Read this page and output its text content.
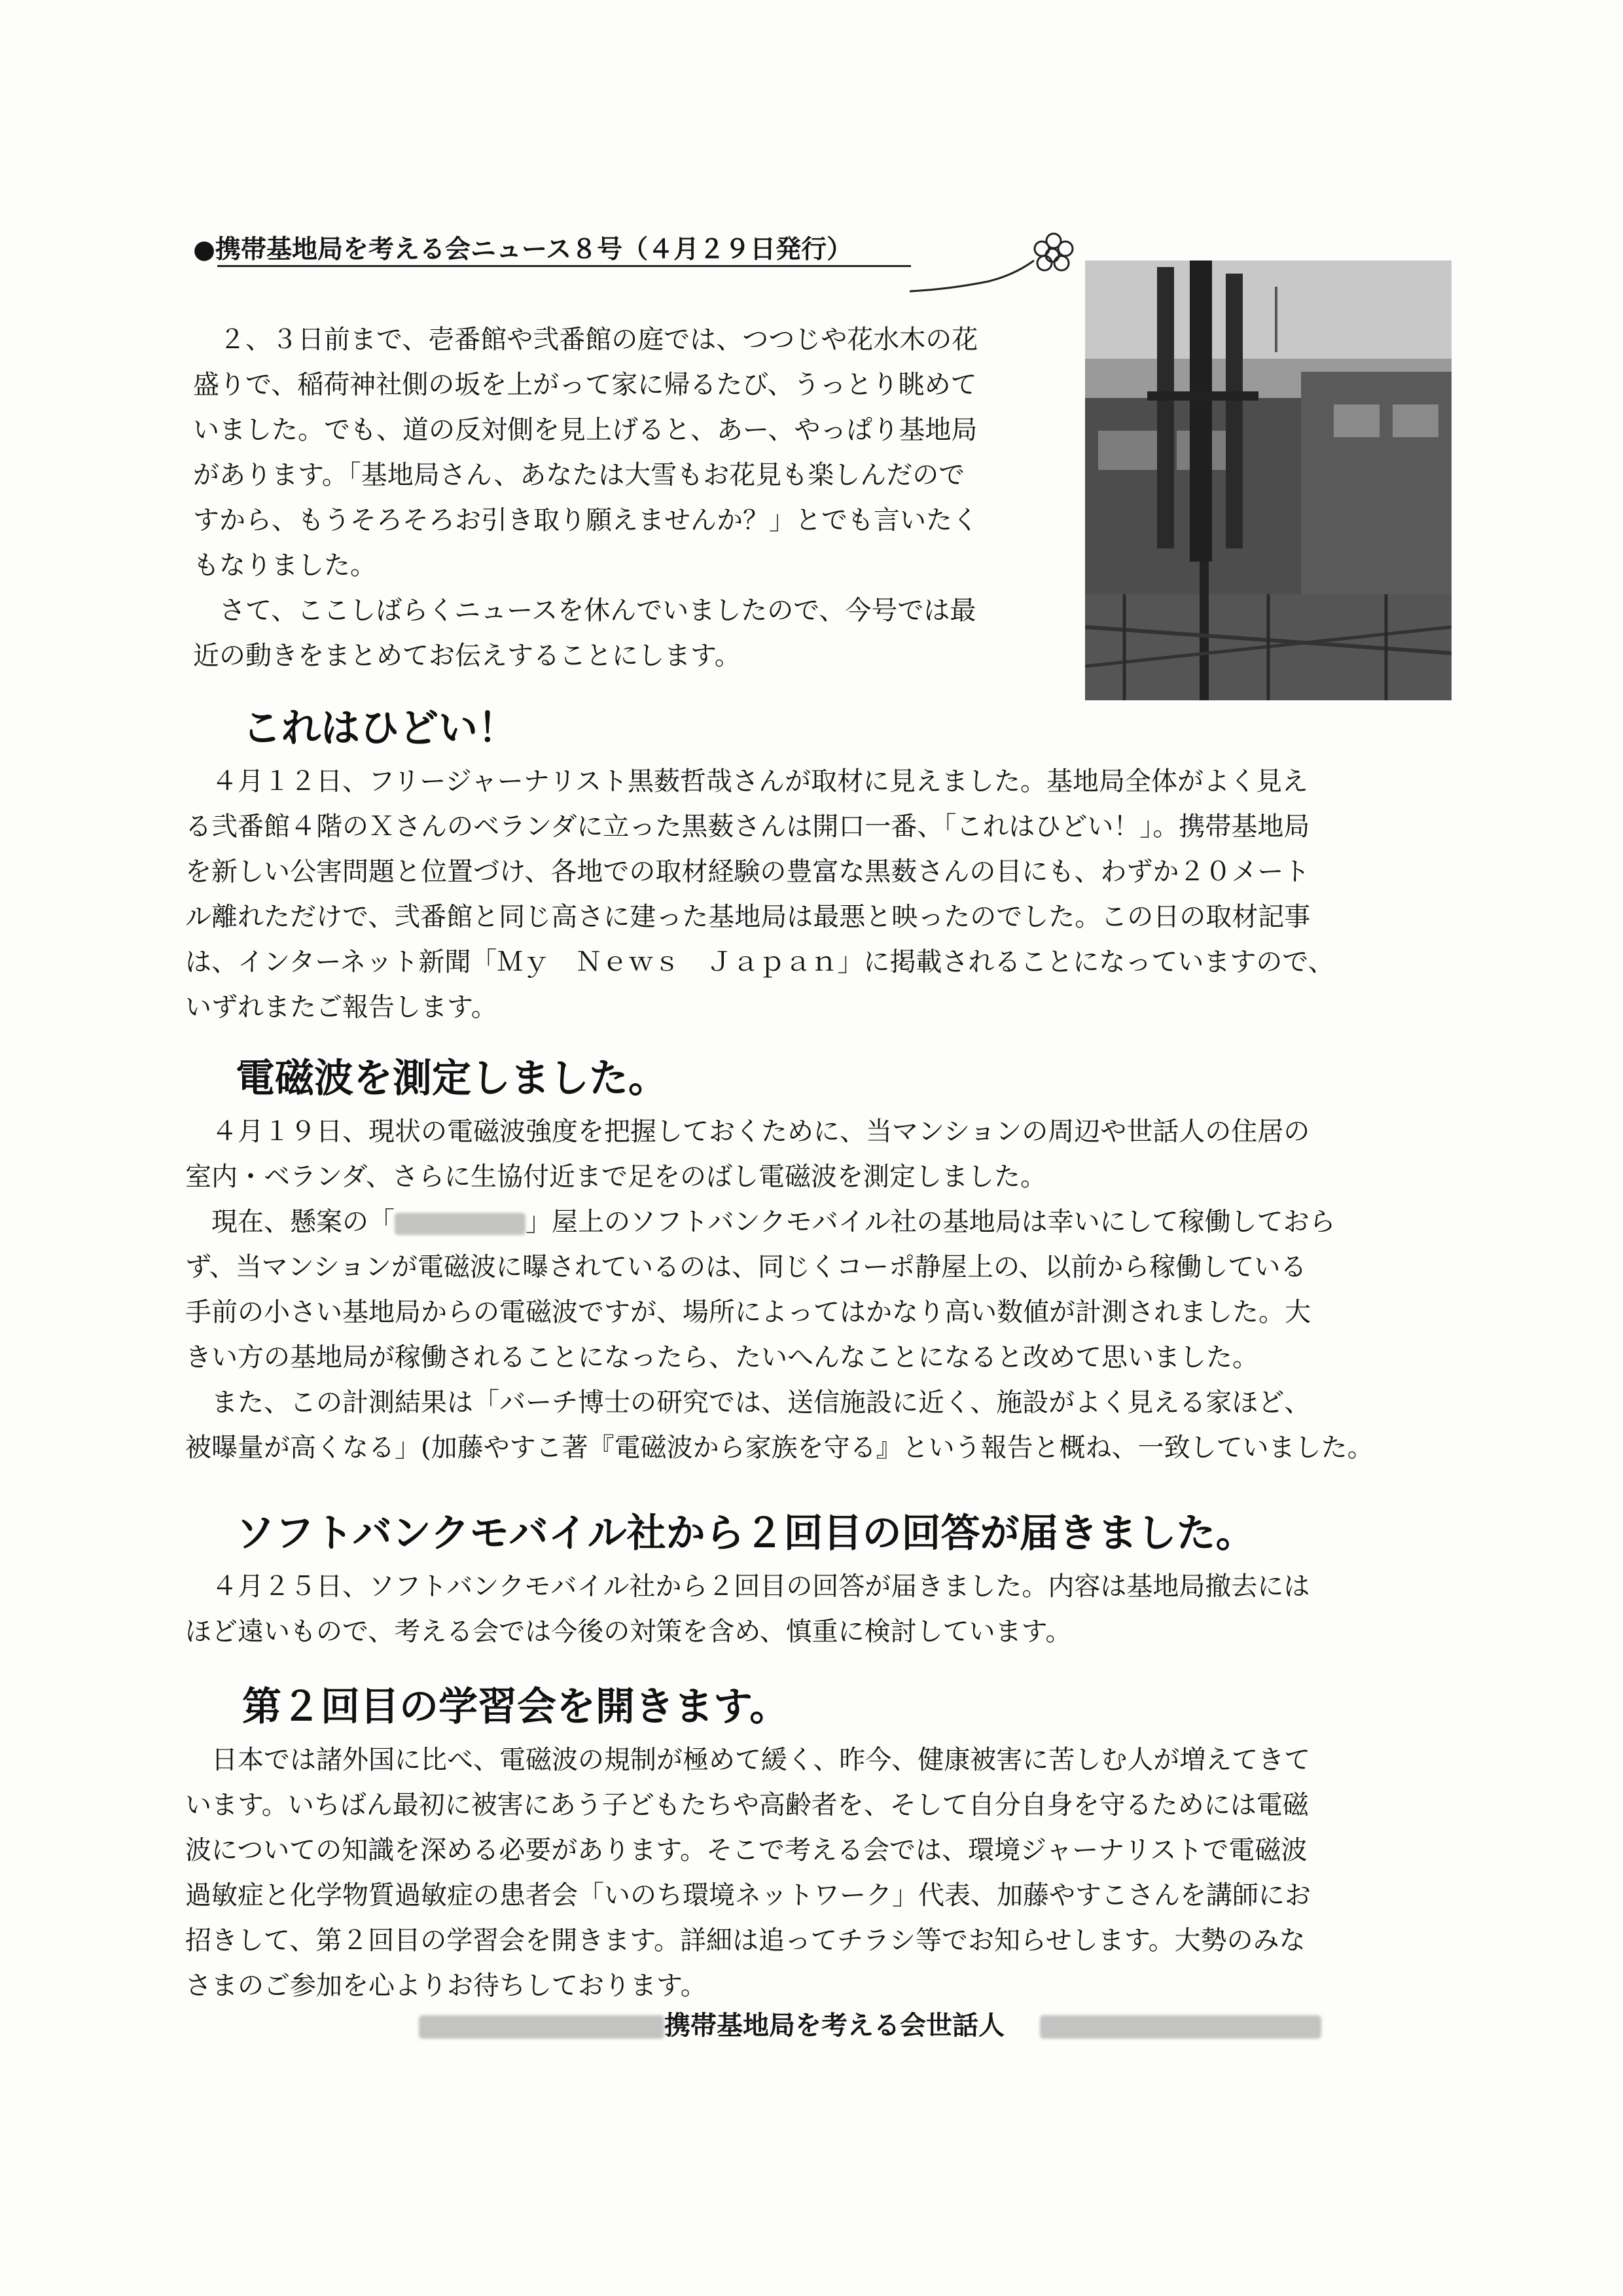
●携帯基地局を考える会ニュース８号（４月２９日発行）
　２、３日前まで、壱番館や弐番館の庭では、つつじや花水木の花
盛りで、稲荷神社側の坂を上がって家に帰るたび、うっとり眺めて
いました。でも、道の反対側を見上げると、あー、やっぱり基地局
があります。「基地局さん、あなたは大雪もお花見も楽しんだので
すから、もうそろそろお引き取り願えませんか？」とでも言いたく
もなりました。
　さて、ここしばらくニュースを休んでいましたので、今号では最
近の動きをまとめてお伝えすることにします。
これはひどい！
　４月１２日、フリージャーナリスト黒薮哲哉さんが取材に見えました。基地局全体がよく見え
る弐番館４階のＸさんのベランダに立った黒薮さんは開口一番、「これはひどい！」。携帯基地局
を新しい公害問題と位置づけ、各地での取材経験の豊富な黒薮さんの目にも、わずか２０メート
ル離れただけで、弐番館と同じ高さに建った基地局は最悪と映ったのでした。この日の取材記事
は、インターネット新聞「Ｍｙ　Ｎｅｗｓ　Ｊａｐａｎ」に掲載されることになっていますので、
いずれまたご報告します。
電磁波を測定しました。
　４月１９日、現状の電磁波強度を把握しておくために、当マンションの周辺や世話人の住居の
室内・ベランダ、さらに生協付近まで足をのばし電磁波を測定しました。
　現在、懸案の「	」屋上のソフトバンクモバイル社の基地局は幸いにして稼働しておら
ず、当マンションが電磁波に曝されているのは、同じくコーポ静屋上の、以前から稼働している
手前の小さい基地局からの電磁波ですが、場所によってはかなり高い数値が計測されました。大
きい方の基地局が稼働されることになったら、たいへんなことになると改めて思いました。
　また、この計測結果は「バーチ博士の研究では、送信施設に近く、施設がよく見える家ほど、
被曝量が高くなる」(加藤やすこ著『電磁波から家族を守る』という報告と概ね、一致していました。
ソフトバンクモバイル社から２回目の回答が届きました。
　４月２５日、ソフトバンクモバイル社から２回目の回答が届きました。内容は基地局撤去には
ほど遠いもので、考える会では今後の対策を含め、慎重に検討しています。
第２回目の学習会を開きます。
　日本では諸外国に比べ、電磁波の規制が極めて緩く、昨今、健康被害に苦しむ人が増えてきて
います。いちばん最初に被害にあう子どもたちや高齢者を、そして自分自身を守るためには電磁
波についての知識を深める必要があります。そこで考える会では、環境ジャーナリストで電磁波
過敏症と化学物質過敏症の患者会「いのち環境ネットワーク」代表、加藤やすこさんを講師にお
招きして、第２回目の学習会を開きます。詳細は追ってチラシ等でお知らせします。大勢のみな
さまのご参加を心よりお待ちしております。
携帯基地局を考える会世話人
